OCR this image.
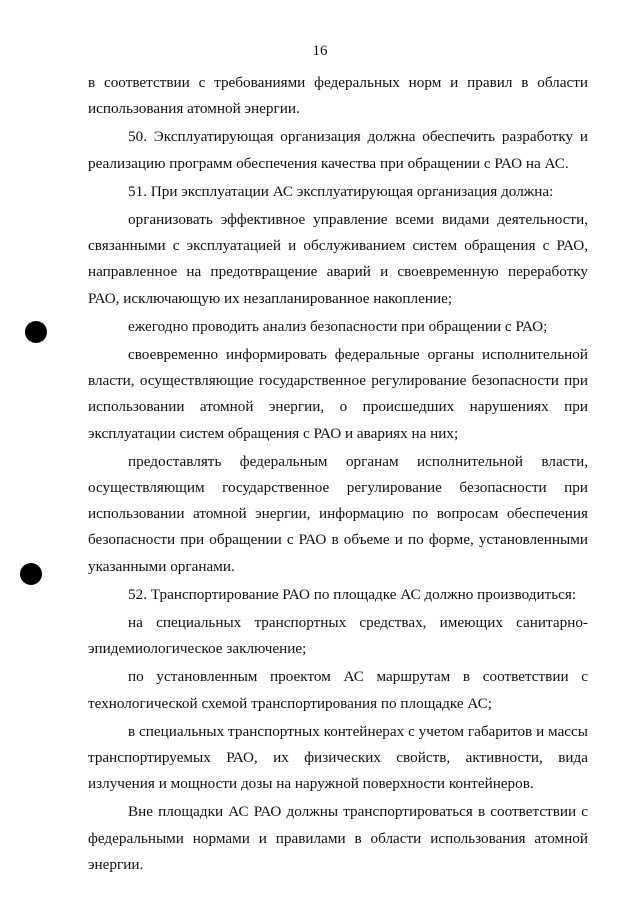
16

в соответствии с требованиями федеральных норм и правил в области использования атомной энергии.

50. Эксплуатирующая организация должна обеспечить разработку и реализацию программ обеспечения качества при обращении с РАО на АС.

51. При эксплуатации АС эксплуатирующая организация должна:

организовать эффективное управление всеми видами деятельности, связанными с эксплуатацией и обслуживанием систем обращения с РАО, направленное на предотвращение аварий и своевременную переработку РАО, исключающую их незапланированное накопление;

ежегодно проводить анализ безопасности при обращении с РАО;

своевременно информировать федеральные органы исполнительной власти, осуществляющие государственное регулирование безопасности при использовании атомной энергии, о происшедших нарушениях при эксплуатации систем обращения с РАО и авариях на них;

предоставлять федеральным органам исполнительной власти, осуществляющим государственное регулирование безопасности при использовании атомной энергии, информацию по вопросам обеспечения безопасности при обращении с РАО в объеме и по форме, установленными указанными органами.

52. Транспортирование РАО по площадке АС должно производиться:

на специальных транспортных средствах, имеющих санитарно-эпидемиологическое заключение;

по установленным проектом АС маршрутам в соответствии с технологической схемой транспортирования по площадке АС;

в специальных транспортных контейнерах с учетом габаритов и массы транспортируемых РАО, их физических свойств, активности, вида излучения и мощности дозы на наружной поверхности контейнеров.

Вне площадки АС РАО должны транспортироваться в соответствии с федеральными нормами и правилами в области использования атомной энергии.
